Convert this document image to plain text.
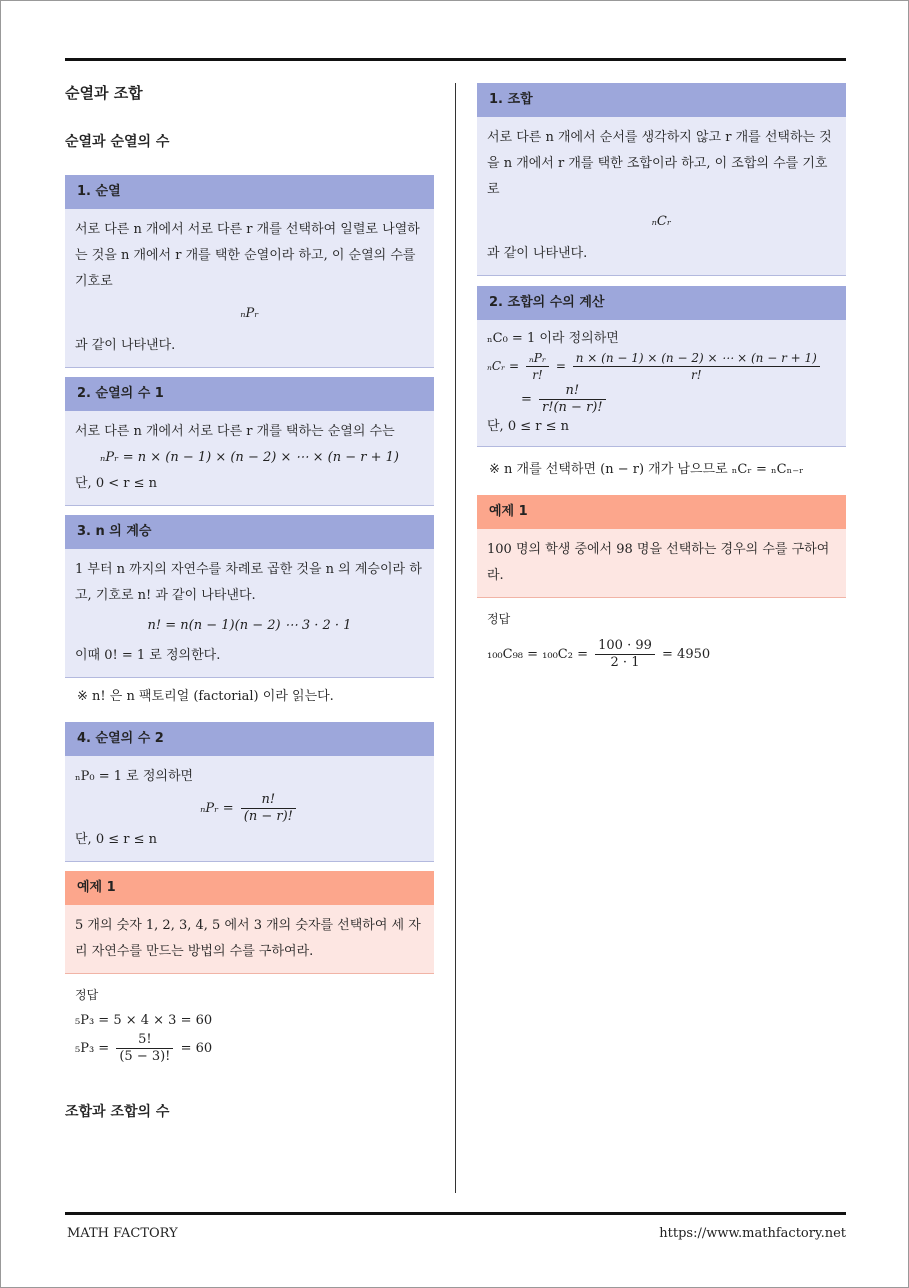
순열과 조합
순열과 순열의 수
1. 순열

서로 다른 n 개에서 서로 다른 r 개를 선택하여 일렬로 나열하는 것을 n 개에서 r 개를 택한 순열이라 하고, 이 순열의 수를 기호로

ₙPᵣ

과 같이 나타낸다.

2. 순열의 수 1

서로 다른 n 개에서 서로 다른 r 개를 택하는 순열의 수는

ₙPᵣ = n × (n − 1) × (n − 2) × ⋯ × (n − r + 1)

단, 0 < r ≤ n

3. n 의 계승

1 부터 n 까지의 자연수를 차례로 곱한 것을 n 의 계승이라 하고, 기호로 n! 과 같이 나타낸다.

n! = n(n − 1)(n − 2) ⋯ 3 · 2 · 1

이때 0! = 1 로 정의한다.

※ n! 은 n 팩토리얼 (factorial) 이라 읽는다.
4. 순열의 수 2

ₙP₀ = 1 로 정의하면

ₙPᵣ = $\frac{n!}{(n - r)!}$

단, 0 ≤ r ≤ n

예제 1

5 개의 숫자 1, 2, 3, 4, 5 에서 3 개의 숫자를 선택하여 세 자리 자연수를 만드는 방법의 수를 구하여라.

정답
₅P₃ = 5 × 4 × 3 = 60
$_5P_3 = \frac{5!}{(5 - 3)!} = 60$
조합과 조합의 수
1. 조합

서로 다른 n 개에서 순서를 생각하지 않고 r 개를 선택하는 것을 n 개에서 r 개를 택한 조합이라 하고, 이 조합의 수를 기호로

ₙCᵣ

과 같이 나타낸다.

2. 조합의 수의 계산

ₙC₀ = 1 이라 정의하면

ₙCᵣ = $\frac{\text{ₙPᵣ}}{r!} = \frac{n \times (n - 1) \times (n - 2) \times \cdots \times (n - r + 1)}{r!}$

= $\frac{n!}{r!(n - r)!}$

단, 0 ≤ r ≤ n

※ n 개를 선택하면 (n − r) 개가 남으므로 ₙCᵣ = ₙCₙ₋ᵣ
예제 1

100 명의 학생 중에서 98 명을 선택하는 경우의 수를 구하여라.

정답
$_{100}C_{98} = _{100}C_2 = \frac{100 \cdot 99}{2 \cdot 1} = 4950$
MATH FACTORY	https://www.mathfactory.net
